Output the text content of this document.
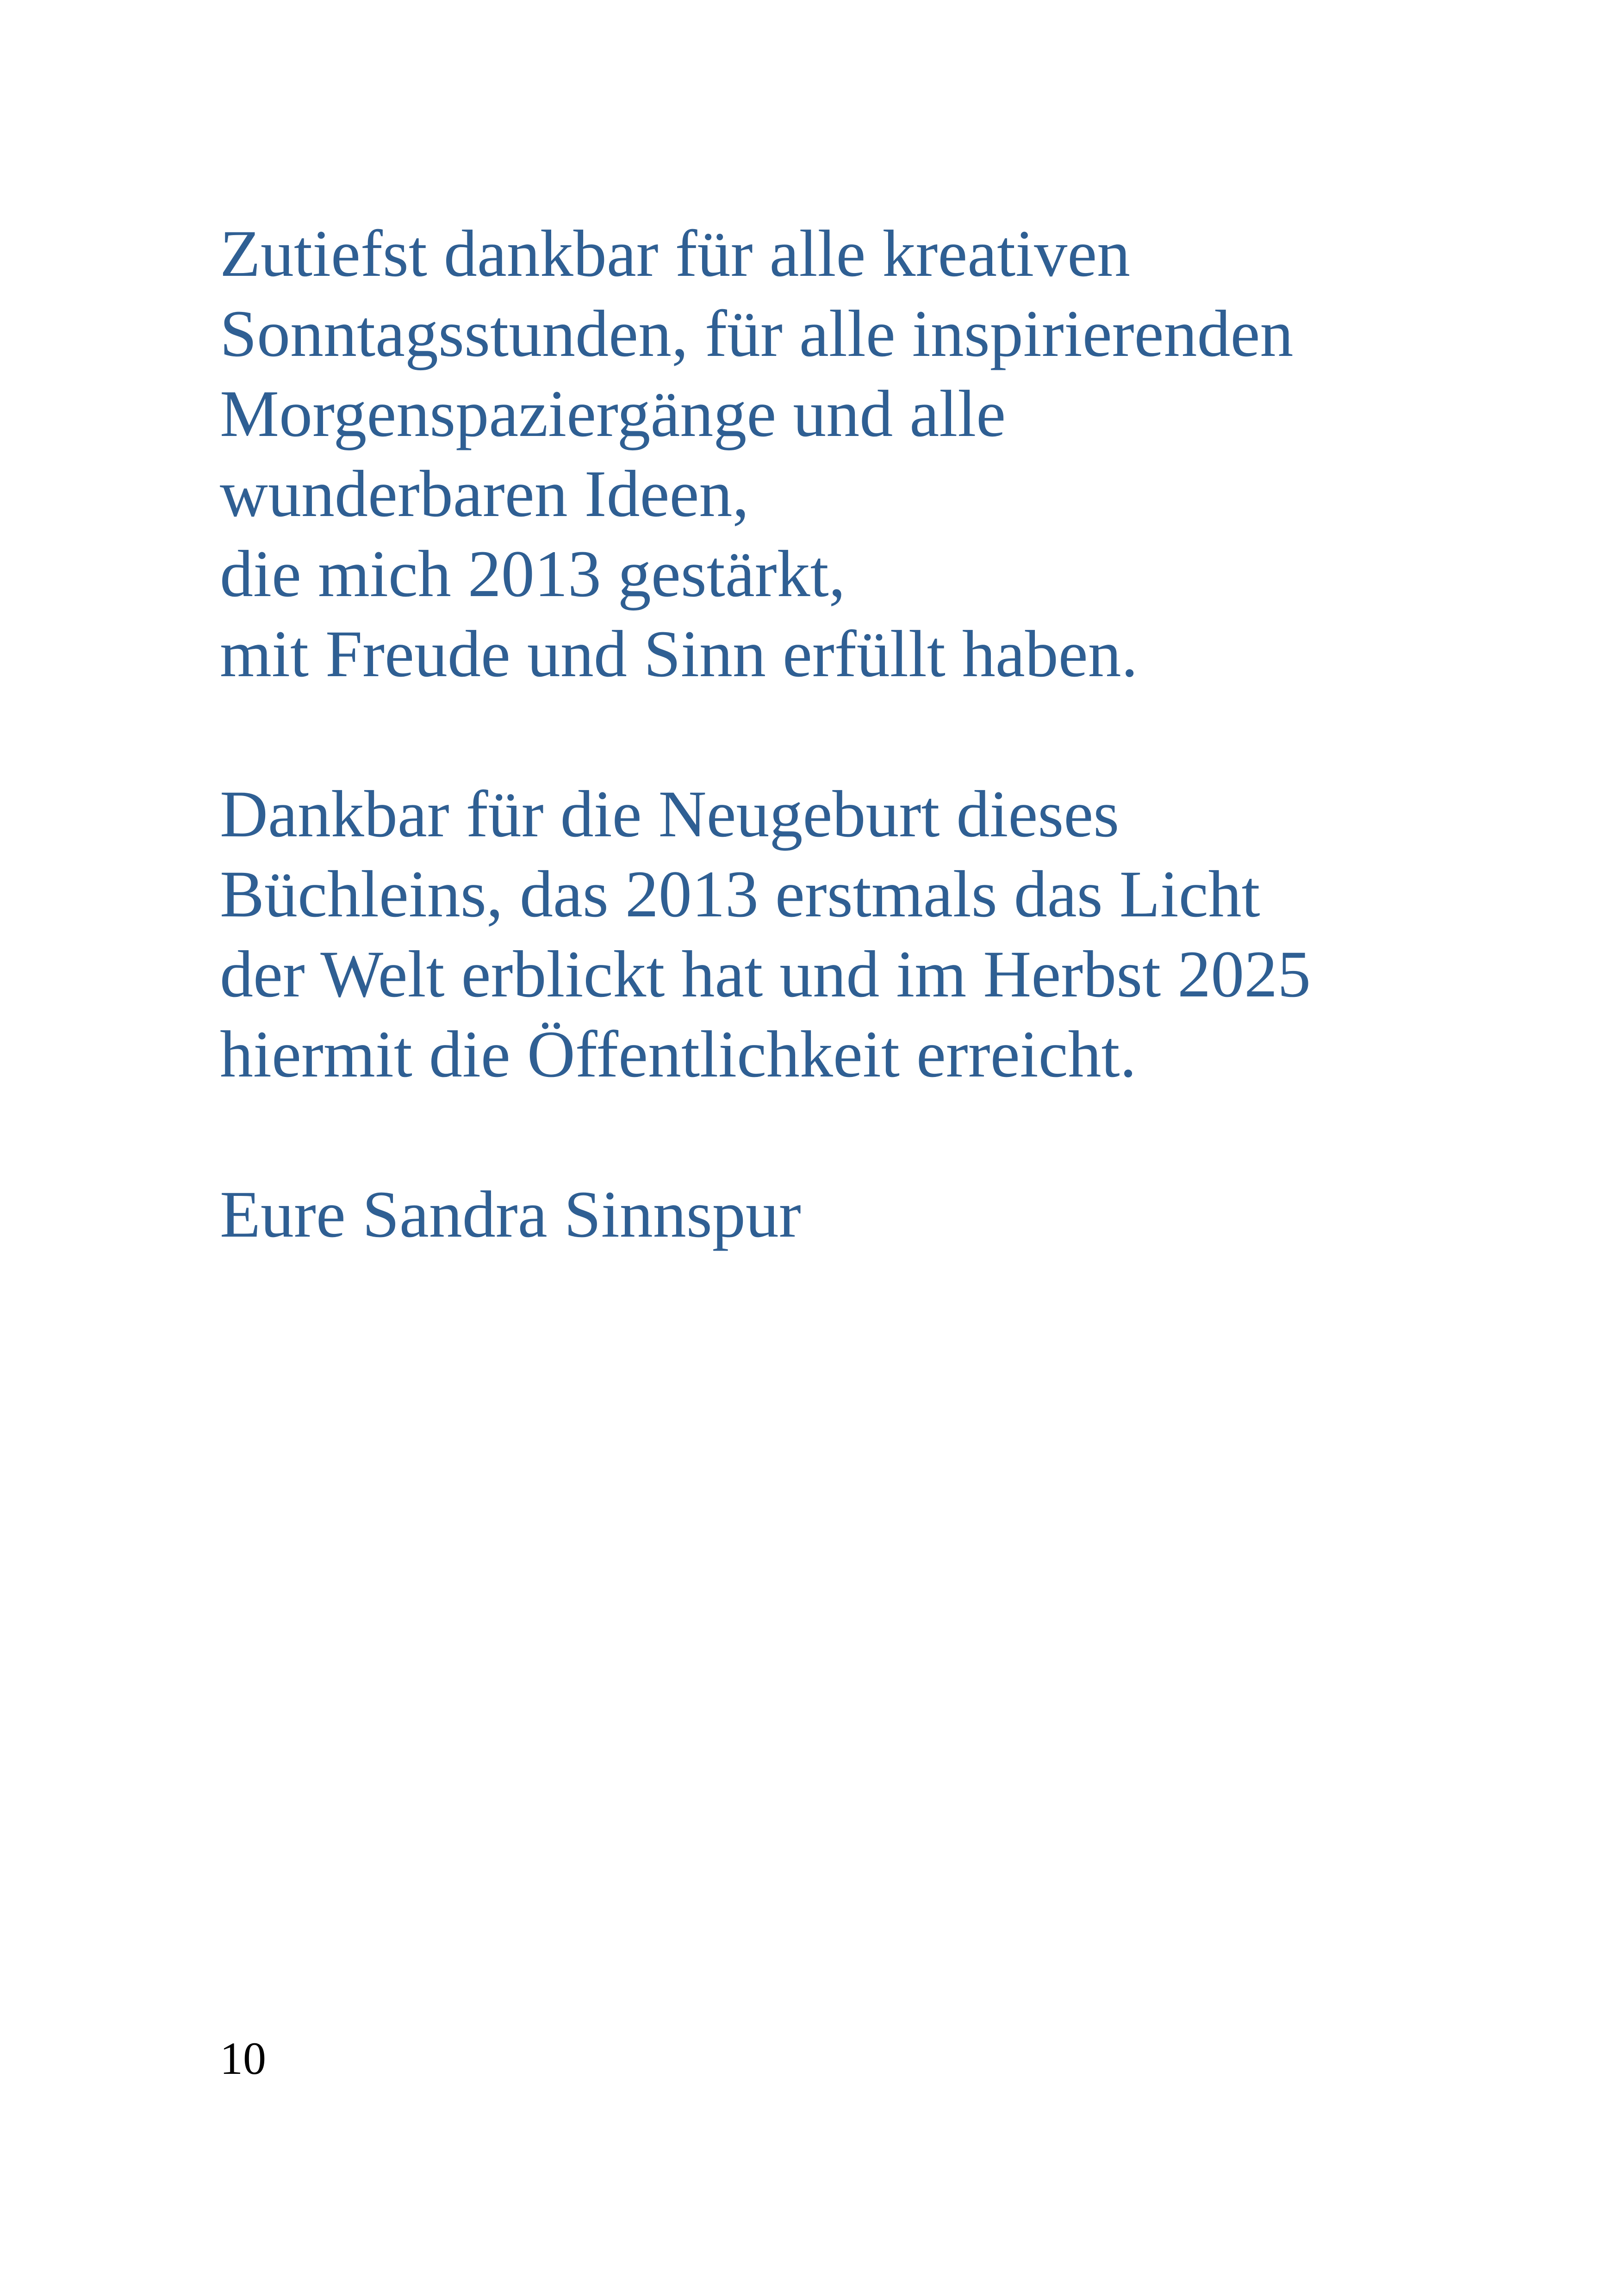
Zutiefst dankbar für alle kreativen
Sonntagsstunden, für alle inspirierenden
Morgenspaziergänge und alle
wunderbaren Ideen,
die mich 2013 gestärkt,
mit Freude und Sinn erfüllt haben.

Dankbar für die Neugeburt dieses
Büchleins, das 2013 erstmals das Licht
der Welt erblickt hat und im Herbst 2025
hiermit die Öffentlichkeit erreicht.

Eure Sandra Sinnspur

10
